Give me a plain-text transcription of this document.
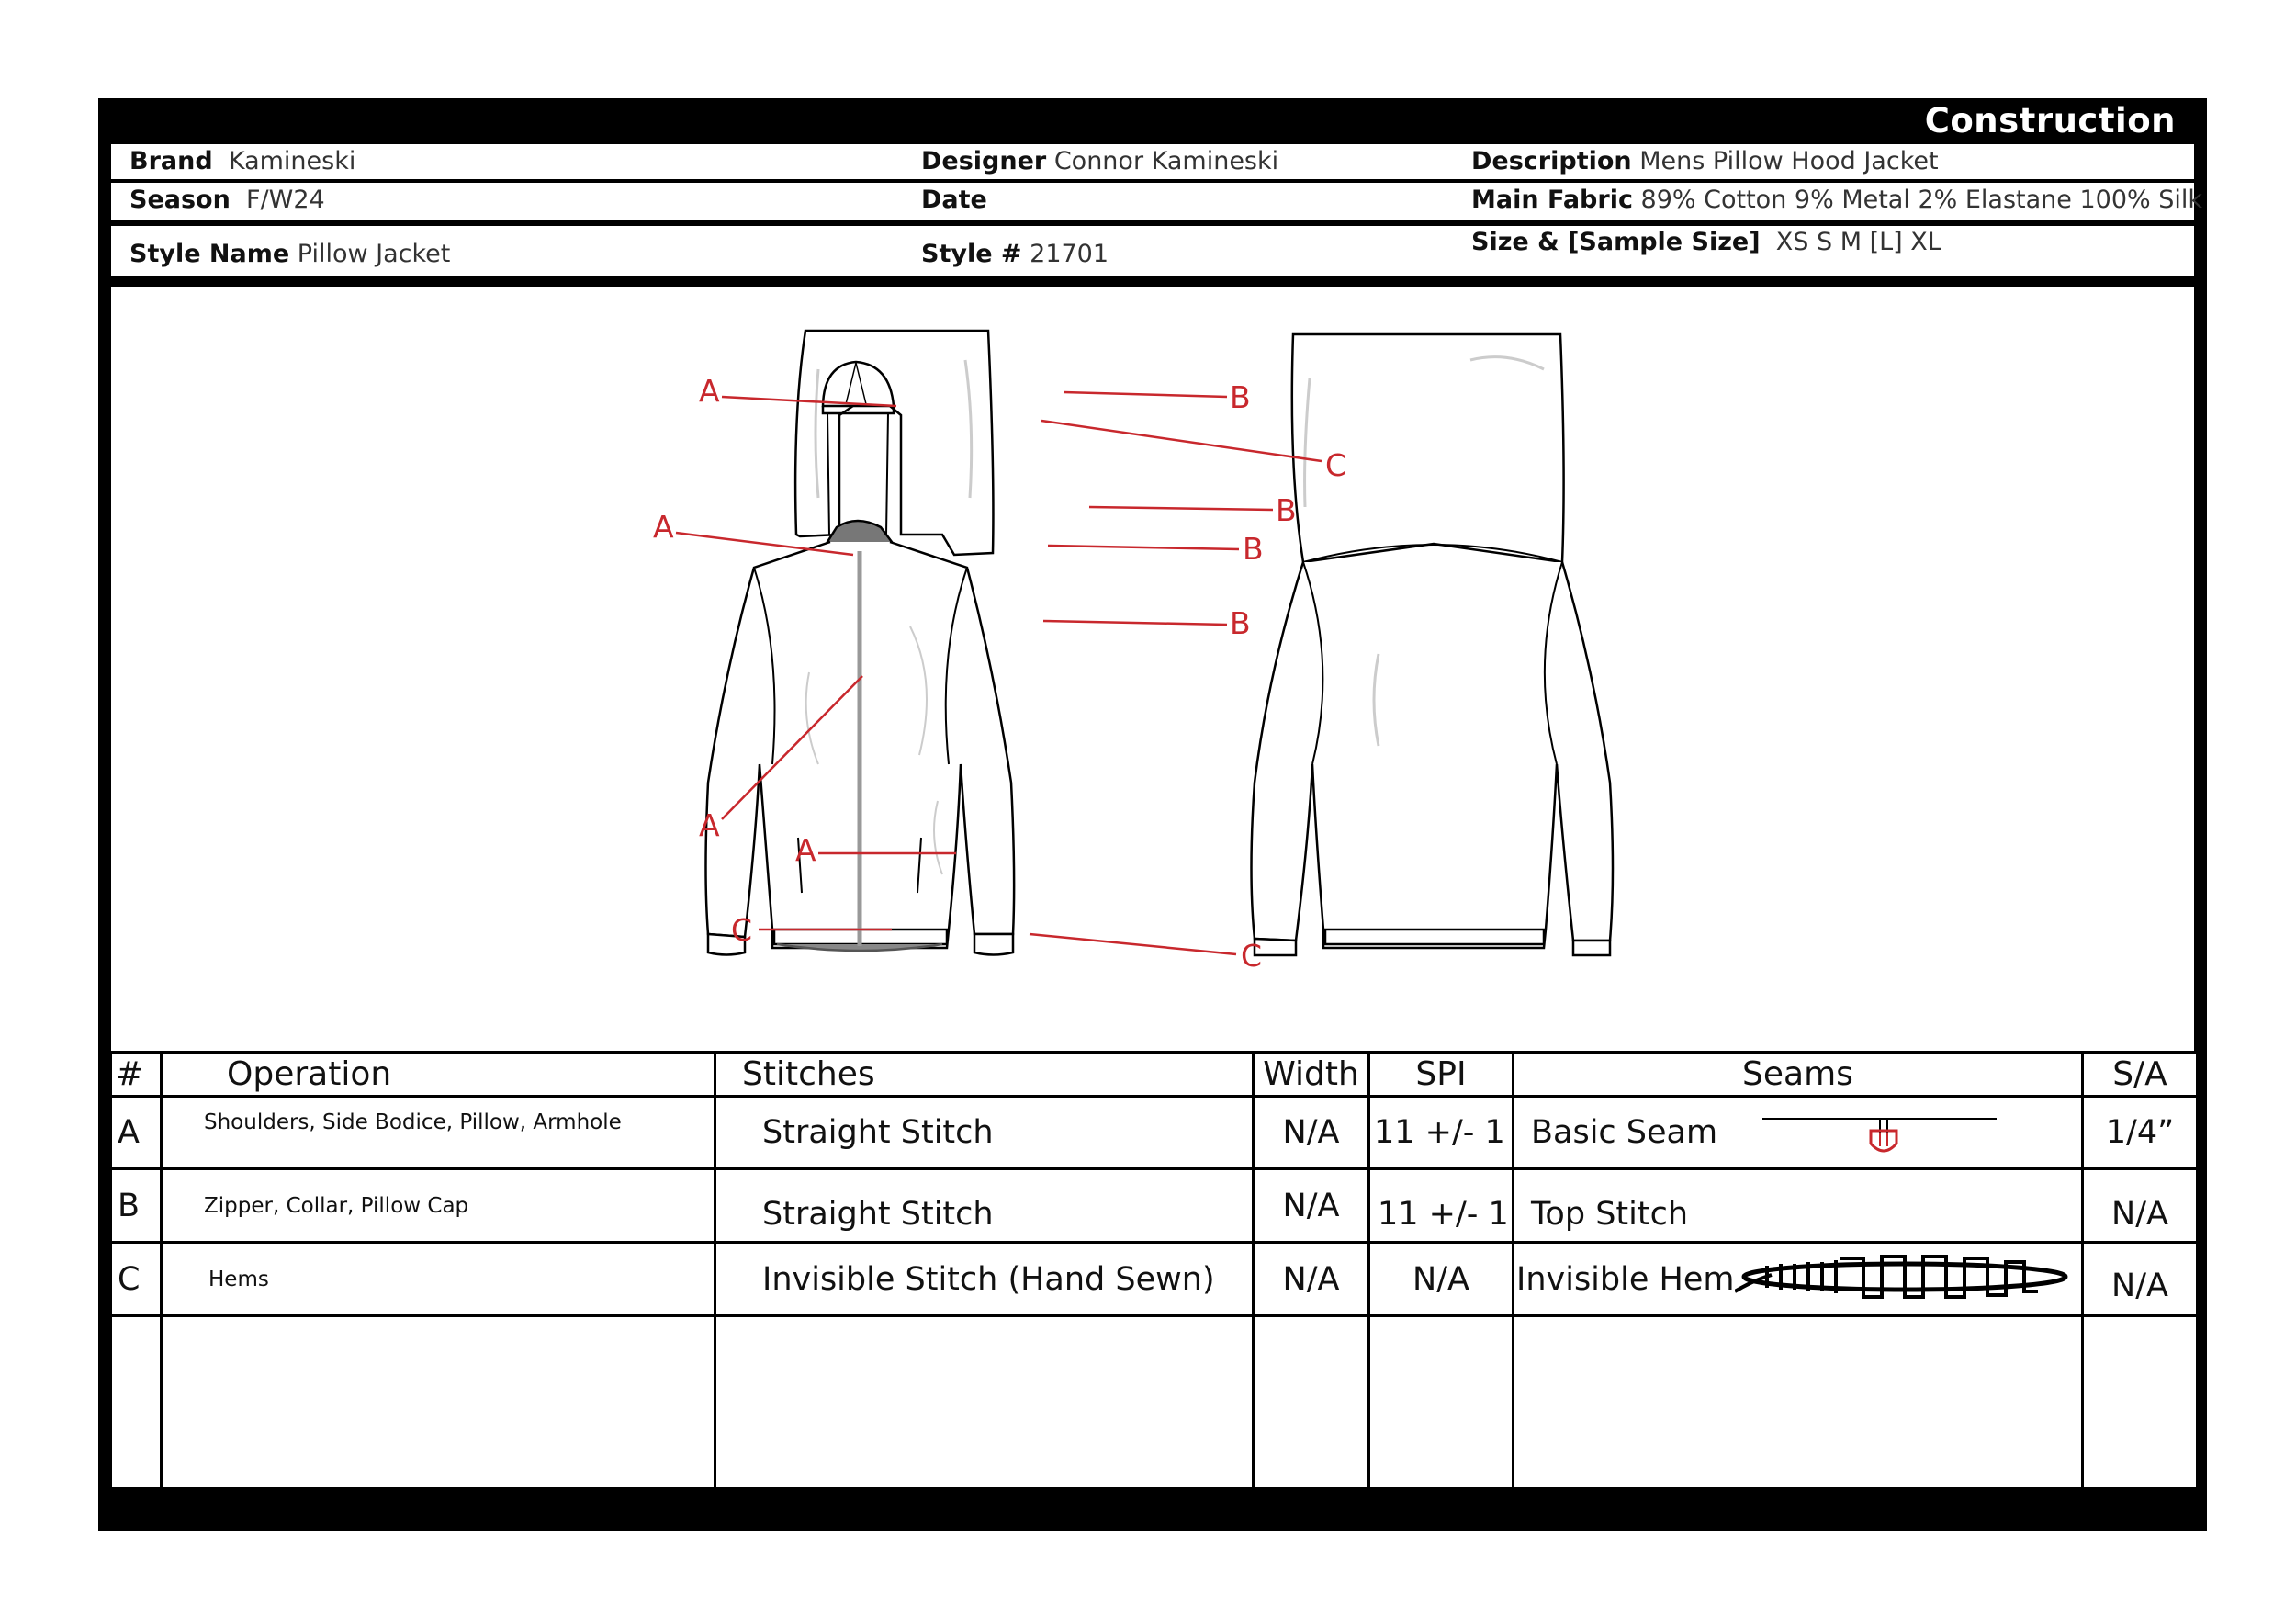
Construction
Brand Kamineski	Designer Connor Kamineski	Description Mens Pillow Hood Jacket
Season F/W24	Date	Main Fabric 89% Cotton 9% Metal 2% Elastane 100% Silk
Style Name Pillow Jacket	Style # 21701	Size & [Sample Size] XS S M [L] XL
A
A
A
A
C
B
C
B
B
B
C
#	Operation	Stitches	Width	SPI	Seams	S/A
A	Shoulders, Side Bodice, Pillow, Armhole	Straight Stitch	N/A	11 +/- 1	Basic Seam	1/4”
B	Zipper, Collar, Pillow Cap	Straight Stitch	N/A	11 +/- 1	Top Stitch	N/A
C	Hems	Invisible Stitch (Hand Sewn)	N/A	N/A	Invisible Hem	N/A
